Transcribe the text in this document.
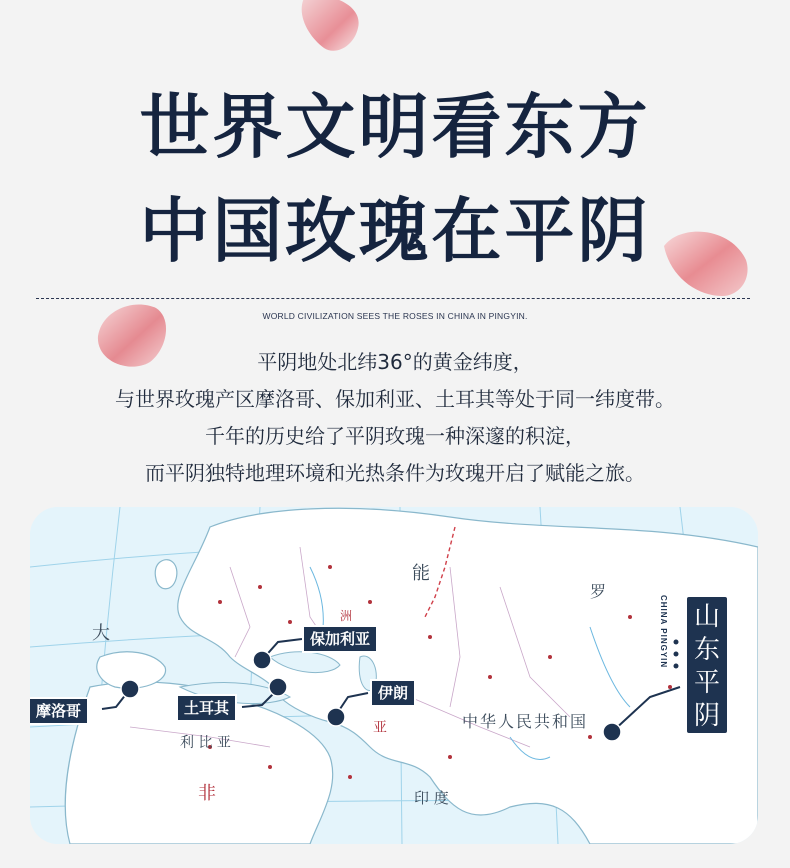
世界文明看东方
中国玫瑰在平阴
WORLD CIVILIZATION SEES THE ROSES IN CHINA IN PINGYIN.
平阴地处北纬36°的黄金纬度，
与世界玫瑰产区摩洛哥、保加利亚、土耳其等处于同一纬度带。
千年的历史给了平阴玫瑰一种深邃的积淀，
而平阴独特地理环境和光热条件为玫瑰开启了赋能之旅。
能
罗
大
中华人民共和国
利 比 亚
印 度
非
洲
亚
保加利亚
土耳其
摩洛哥
伊朗
CHINA PINGYIN 山
东
平
阴
